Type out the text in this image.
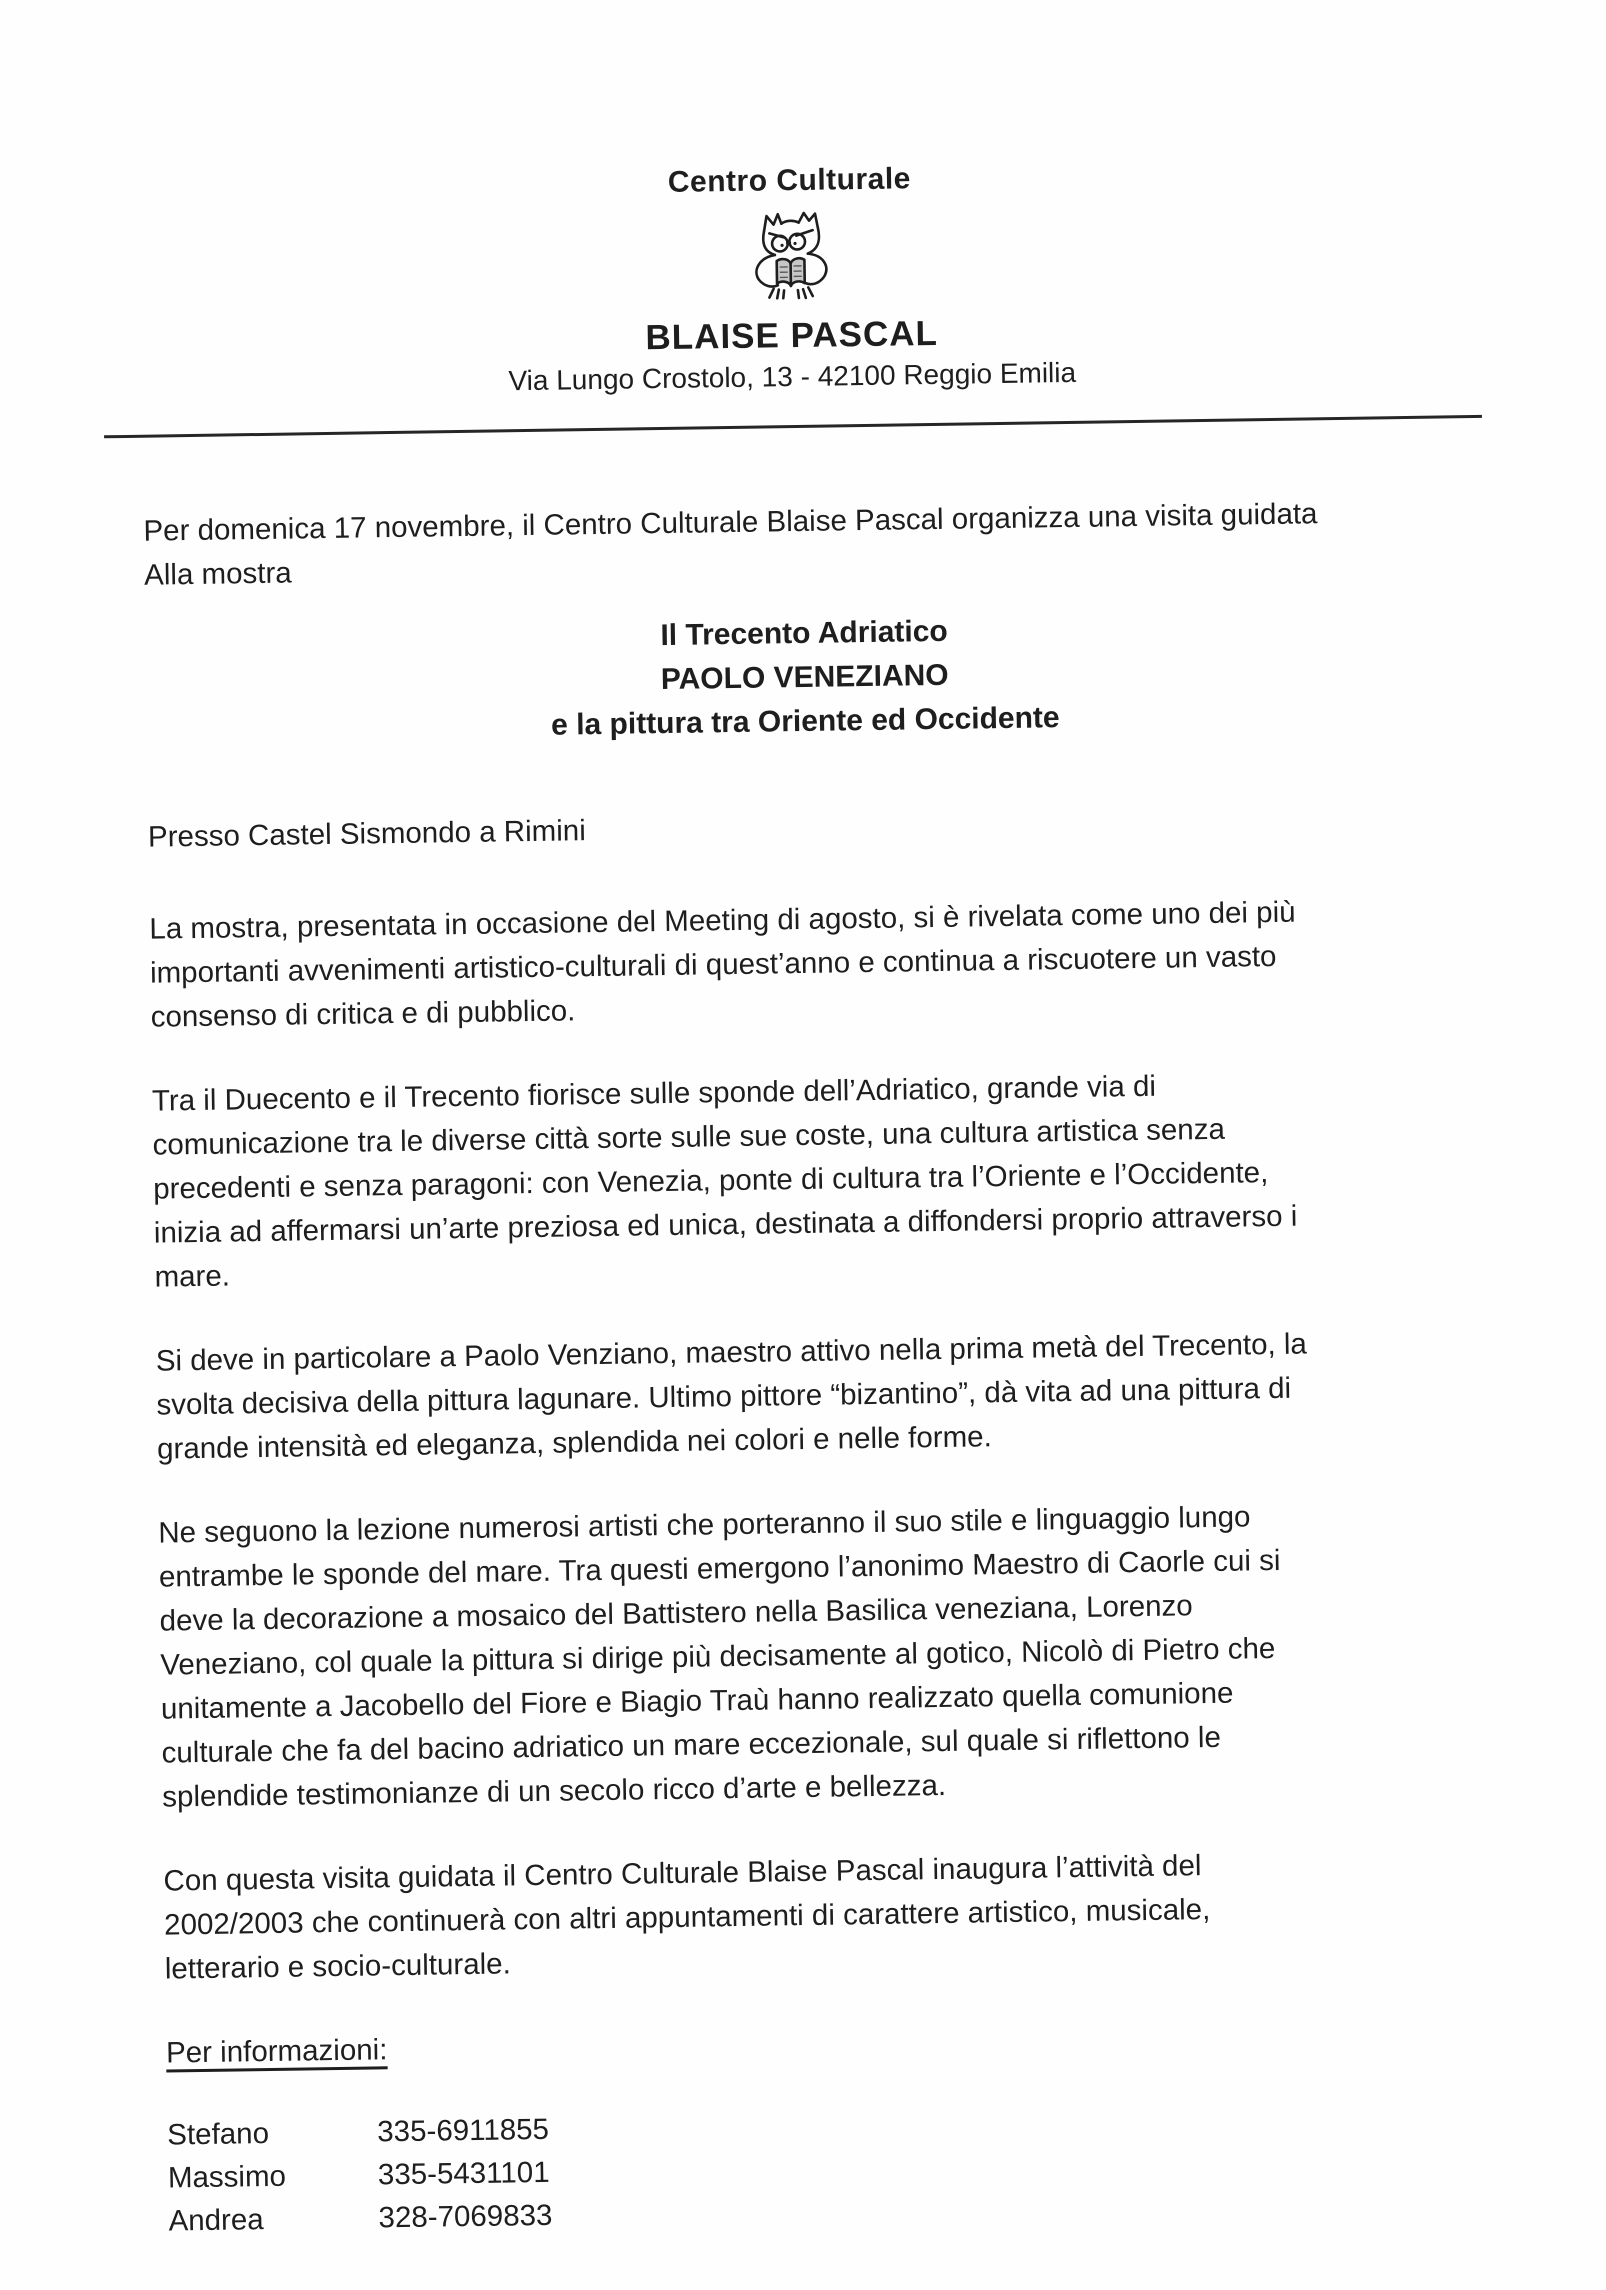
Centro Culturale
BLAISE PASCAL
Via Lungo Crostolo, 13 - 42100 Reggio Emilia

Per domenica 17 novembre, il Centro Culturale Blaise Pascal organizza una visita guidata
Alla mostra

Il Trecento Adriatico
PAOLO VENEZIANO
e la pittura tra Oriente ed Occidente

Presso Castel Sismondo a Rimini

La mostra, presentata in occasione del Meeting di agosto, si è rivelata come uno dei più
importanti avvenimenti artistico-culturali di quest’anno e continua a riscuotere un vasto
consenso di critica e di pubblico.

Tra il Duecento e il Trecento fiorisce sulle sponde dell’Adriatico, grande via di
comunicazione tra le diverse città sorte sulle sue coste, una cultura artistica senza
precedenti e senza paragoni: con Venezia, ponte di cultura tra l’Oriente e l’Occidente,
inizia ad affermarsi un’arte preziosa ed unica, destinata a diffondersi proprio attraverso i
mare.

Si deve in particolare a Paolo Venziano, maestro attivo nella prima metà del Trecento, la
svolta decisiva della pittura lagunare. Ultimo pittore “bizantino”, dà vita ad una pittura di
grande intensità ed eleganza, splendida nei colori e nelle forme.

Ne seguono la lezione numerosi artisti che porteranno il suo stile e linguaggio lungo
entrambe le sponde del mare. Tra questi emergono l’anonimo Maestro di Caorle cui si
deve la decorazione a mosaico del Battistero nella Basilica veneziana, Lorenzo
Veneziano, col quale la pittura si dirige più decisamente al gotico, Nicolò di Pietro che
unitamente a Jacobello del Fiore e Biagio Traù hanno realizzato quella comunione
culturale che fa del bacino adriatico un mare eccezionale, sul quale si riflettono le
splendide testimonianze di un secolo ricco d’arte e bellezza.

Con questa visita guidata il Centro Culturale Blaise Pascal inaugura l’attività del
2002/2003 che continuerà con altri appuntamenti di carattere artistico, musicale,
letterario e socio-culturale.

Per informazioni:

Stefano	335-6911855
Massimo	335-5431101
Andrea	328-7069833
